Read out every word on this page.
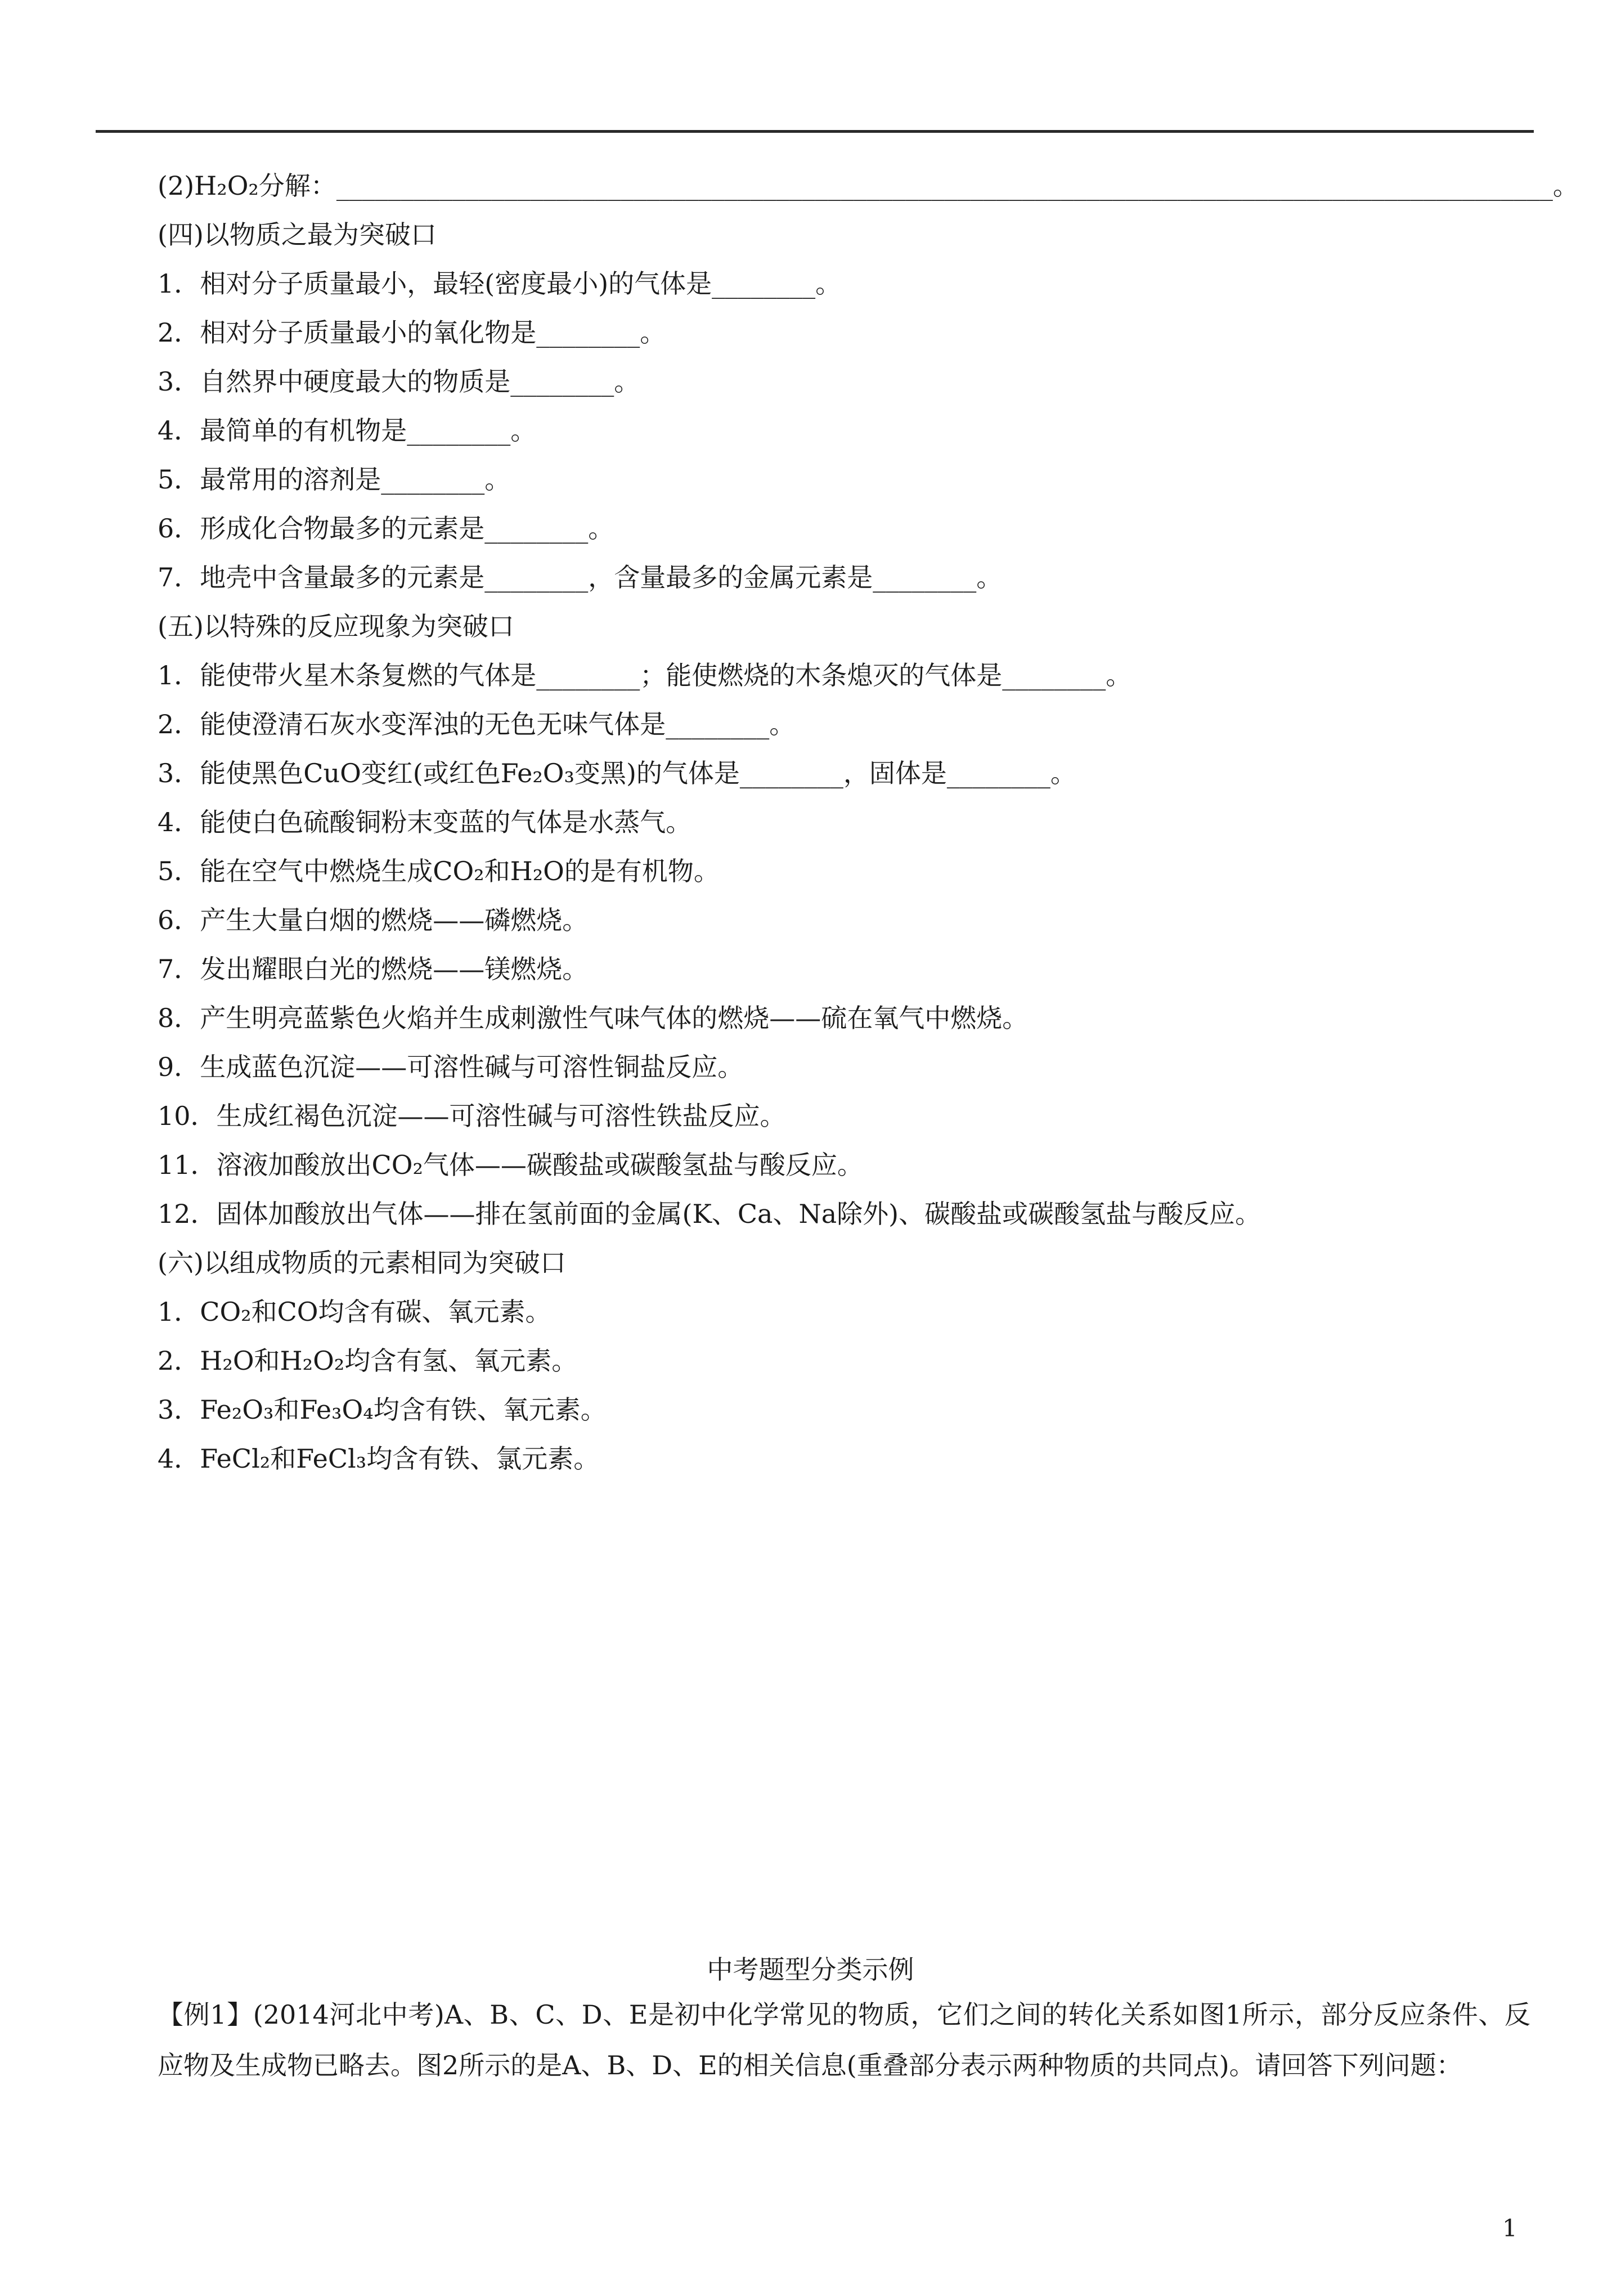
(2)H₂O₂分解：______________________________________________________________________________________________。
(四)以物质之最为突破口
1．相对分子质量最小，最轻(密度最小)的气体是________。
2．相对分子质量最小的氧化物是________。
3．自然界中硬度最大的物质是________。
4．最简单的有机物是________。
5．最常用的溶剂是________。
6．形成化合物最多的元素是________。
7．地壳中含量最多的元素是________，含量最多的金属元素是________。
(五)以特殊的反应现象为突破口
1．能使带火星木条复燃的气体是________；能使燃烧的木条熄灭的气体是________。
2．能使澄清石灰水变浑浊的无色无味气体是________。
3．能使黑色CuO变红(或红色Fe₂O₃变黑)的气体是________，固体是________。
4．能使白色硫酸铜粉末变蓝的气体是水蒸气。
5．能在空气中燃烧生成CO₂和H₂O的是有机物。
6．产生大量白烟的燃烧——磷燃烧。
7．发出耀眼白光的燃烧——镁燃烧。
8．产生明亮蓝紫色火焰并生成刺激性气味气体的燃烧——硫在氧气中燃烧。
9．生成蓝色沉淀——可溶性碱与可溶性铜盐反应。
10．生成红褐色沉淀——可溶性碱与可溶性铁盐反应。
11．溶液加酸放出CO₂气体——碳酸盐或碳酸氢盐与酸反应。
12．固体加酸放出气体——排在氢前面的金属(K、Ca、Na除外)、碳酸盐或碳酸氢盐与酸反应。
(六)以组成物质的元素相同为突破口
1．CO₂和CO均含有碳、氧元素。
2．H₂O和H₂O₂均含有氢、氧元素。
3．Fe₂O₃和Fe₃O₄均含有铁、氧元素。
4．FeCl₂和FeCl₃均含有铁、氯元素。
中考题型分类示例
【例1】(2014河北中考)A、B、C、D、E是初中化学常见的物质，它们之间的转化关系如图1所示，部分反应条件、反应物及生成物已略去。图2所示的是A、B、D、E的相关信息(重叠部分表示两种物质的共同点)。请回答下列问题：
1
